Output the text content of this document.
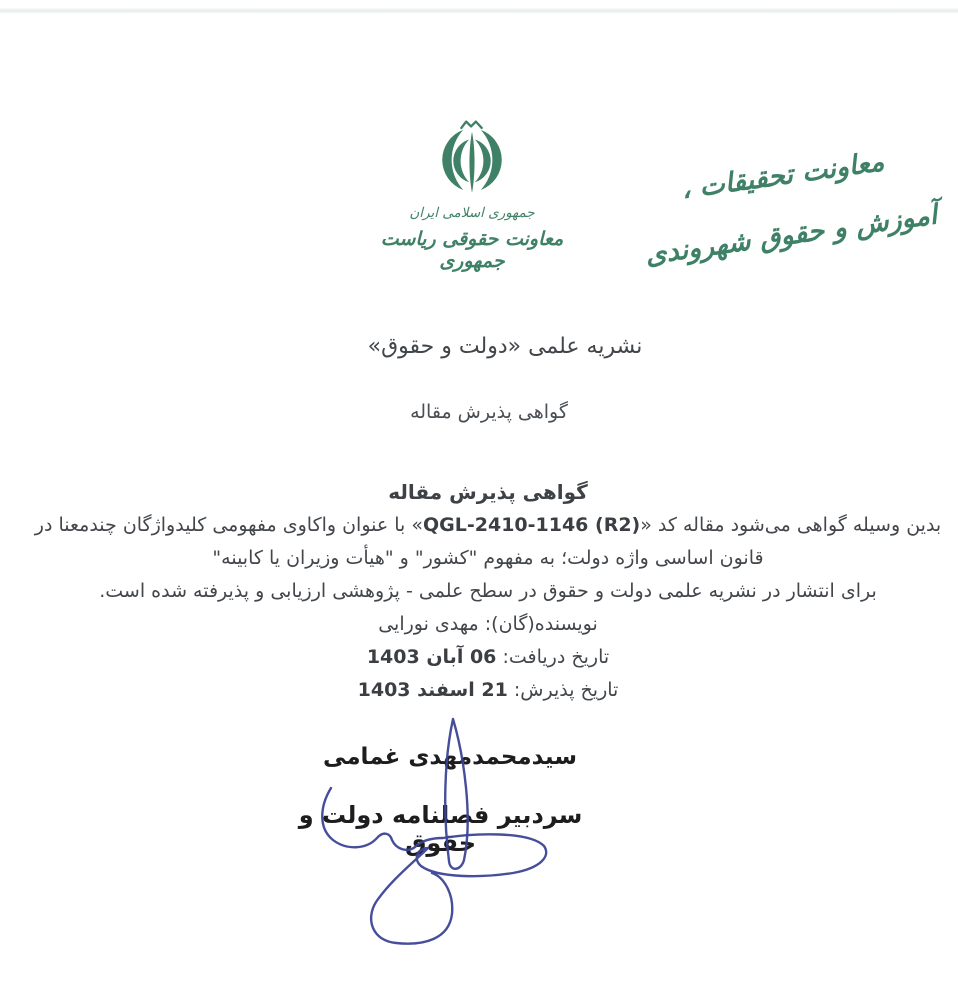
جمهوری اسلامی ایران
معاونت حقوقی ریاست جمهوری
معاونت تحقیقات ،
آموزش و حقوق شهروندی
نشریه علمی «دولت و حقوق»
گواهی پذیرش مقاله
گواهی پذیرش مقاله
بدین وسیله گواهی می‌شود مقاله کد «QGL-2410-1146 (R2)» با عنوان واکاوی مفهومی کلیدواژگان چندمعنا در
قانون اساسی واژه دولت؛ به مفهوم "کشور" و "هیأت وزیران یا کابینه"
برای انتشار در نشریه علمی دولت و حقوق در سطح علمی - پژوهشی ارزیابی و پذیرفته شده است.
نویسنده(گان): مهدی نورایی
تاریخ دریافت: 06 آبان 1403
تاریخ پذیرش: 21 اسفند 1403
سیدمحمدمهدی غمامی
سردبیر فصلنامه دولت و حقوق
